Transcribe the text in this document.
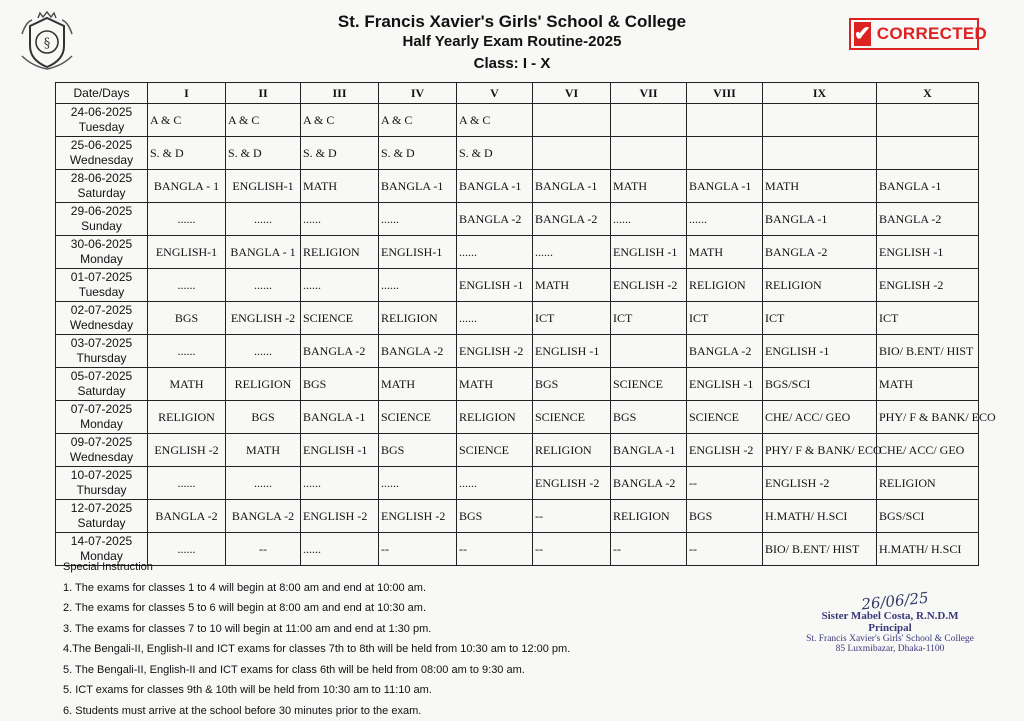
§
St. Francis Xavier's Girls' School & College
Half Yearly Exam Routine-2025
Class: I - X
✔ CORRECTED
Date/Days	I	II	III	IV	V	VI	VII	VIII	IX	X

24-06-2025
Tuesday	A & C	A & C	A & C	A & C	A & C					

25-06-2025
Wednesday	S. & D	S. & D	S. & D	S. & D	S. & D					

28-06-2025
Saturday	BANGLA - 1	ENGLISH-1	MATH	BANGLA -1	BANGLA -1	BANGLA -1	MATH	BANGLA -1	MATH	BANGLA -1

29-06-2025
Sunday	......	......	......	......	BANGLA -2	BANGLA -2	......	......	BANGLA -1	BANGLA -2

30-06-2025
Monday	ENGLISH-1	BANGLA - 1	RELIGION	ENGLISH-1	......	......	ENGLISH -1	MATH	BANGLA -2	ENGLISH -1

01-07-2025
Tuesday	......	......	......	......	ENGLISH -1	MATH	ENGLISH -2	RELIGION	RELIGION	ENGLISH -2

02-07-2025
Wednesday	BGS	ENGLISH -2	SCIENCE	RELIGION	......	ICT	ICT	ICT	ICT	ICT

03-07-2025
Thursday	......	......	BANGLA -2	BANGLA -2	ENGLISH -2	ENGLISH -1		BANGLA -2	ENGLISH -1	BIO/ B.ENT/ HIST

05-07-2025
Saturday	MATH	RELIGION	BGS	MATH	MATH	BGS	SCIENCE	ENGLISH -1	BGS/SCI	MATH

07-07-2025
Monday	RELIGION	BGS	BANGLA -1	SCIENCE	RELIGION	SCIENCE	BGS	SCIENCE	CHE/ ACC/ GEO	PHY/ F & BANK/ ECO

09-07-2025
Wednesday	ENGLISH -2	MATH	ENGLISH -1	BGS	SCIENCE	RELIGION	BANGLA -1	ENGLISH -2	PHY/ F & BANK/ ECO	CHE/ ACC/ GEO

10-07-2025
Thursday	......	......	......	......	......	ENGLISH -2	BANGLA -2	--	ENGLISH -2	RELIGION

12-07-2025
Saturday	BANGLA -2	BANGLA -2	ENGLISH -2	ENGLISH -2	BGS	--	RELIGION	BGS	H.MATH/ H.SCI	BGS/SCI

14-07-2025
Monday	......	--	......	--	--	--	--	--	BIO/ B.ENT/ HIST	H.MATH/ H.SCI
Special Instruction
1. The exams for classes 1 to 4 will begin at 8:00 am and end at 10:00 am.
2. The exams for classes 5 to 6 will begin at 8:00 am and end at 10:30 am.
3. The exams for classes 7 to 10 will begin at 11:00 am and end at 1:30 pm.
4.The Bengali-II, English-II and ICT exams for classes 7th to 8th will be held from 10:30 am to 12:00 pm.
5. The Bengali-II, English-II and ICT exams for class 6th will be held from 08:00 am to 9:30 am.
5. ICT exams for classes 9th & 10th will be held from 10:30 am to 11:10 am.
6. Students must arrive at the school before 30 minutes prior to the exam.
26/06/25
Sister Mabel Costa, R.N.D.M
Principal
St. Francis Xavier's Girls' School & College
85 Luxmibazar, Dhaka-1100
